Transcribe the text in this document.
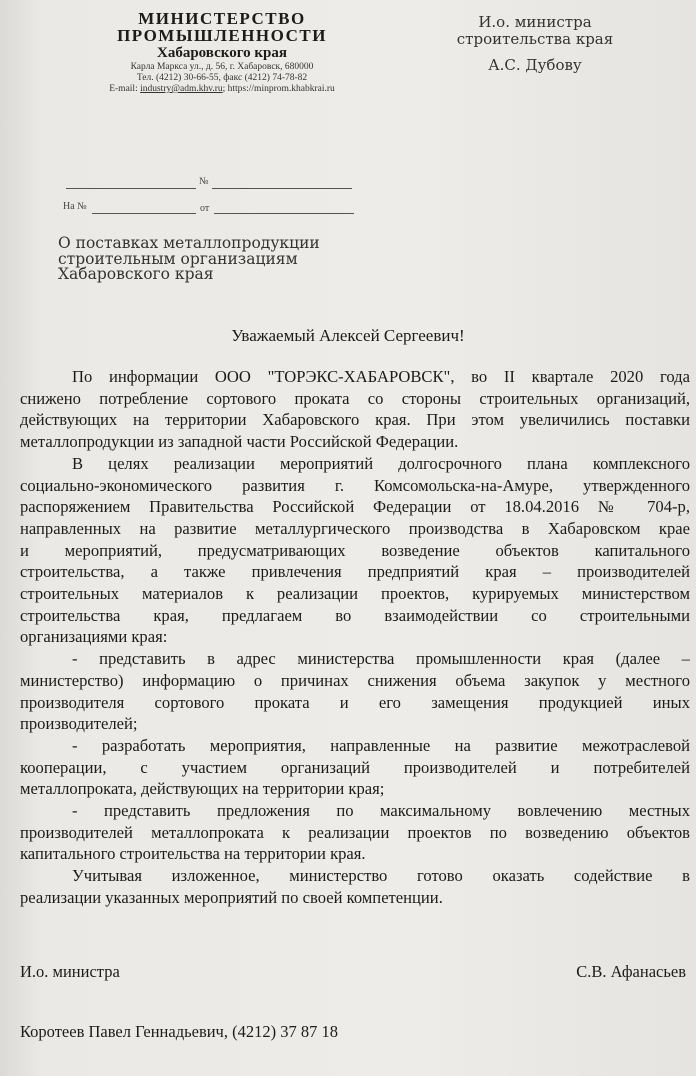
МИНИСТЕРСТВО
ПРОМЫШЛЕННОСТИ
Хабаровского края
Карла Маркса ул., д. 56, г. Хабаровск, 680000
Тел. (4212) 30-66-55, факс (4212) 74-78-82
E-mail: industry@adm.khv.ru; https://minprom.khabkrai.ru
И.о. министра
строительства края
А.С. Дубову
№
На №	от
О поставках металлопродукции
строительным организациям
Хабаровского края
Уважаемый Алексей Сергеевич!
По информации ООО "ТОРЭКС-ХАБАРОВСК", во II квартале 2020 года
снижено потребление сортового проката со стороны строительных организаций,
действующих на территории Хабаровского края. При этом увеличились поставки
металлопродукции из западной части Российской Федерации.
В целях реализации мероприятий долгосрочного плана комплексного
социально-экономического развития г. Комсомольска-на-Амуре, утвержденного
распоряжением Правительства Российской Федерации от 18.04.2016 № 704-р,
направленных на развитие металлургического производства в Хабаровском крае
и мероприятий, предусматривающих возведение объектов капитального
строительства, а также привлечения предприятий края – производителей
строительных материалов к реализации проектов, курируемых министерством
строительства края, предлагаем во взаимодействии со строительными
организациями края:
- представить в адрес министерства промышленности края (далее –
министерство) информацию о причинах снижения объема закупок у местного
производителя сортового проката и его замещения продукцией иных
производителей;
- разработать мероприятия, направленные на развитие межотраслевой
кооперации, с участием организаций производителей и потребителей
металлопроката, действующих на территории края;
- представить предложения по максимальному вовлечению местных
производителей металлопроката к реализации проектов по возведению объектов
капитального строительства на территории края.
Учитывая изложенное, министерство готово оказать содействие в
реализации указанных мероприятий по своей компетенции.
И.о. министра	С.В. Афанасьев
Коротеев Павел Геннадьевич, (4212) 37 87 18
